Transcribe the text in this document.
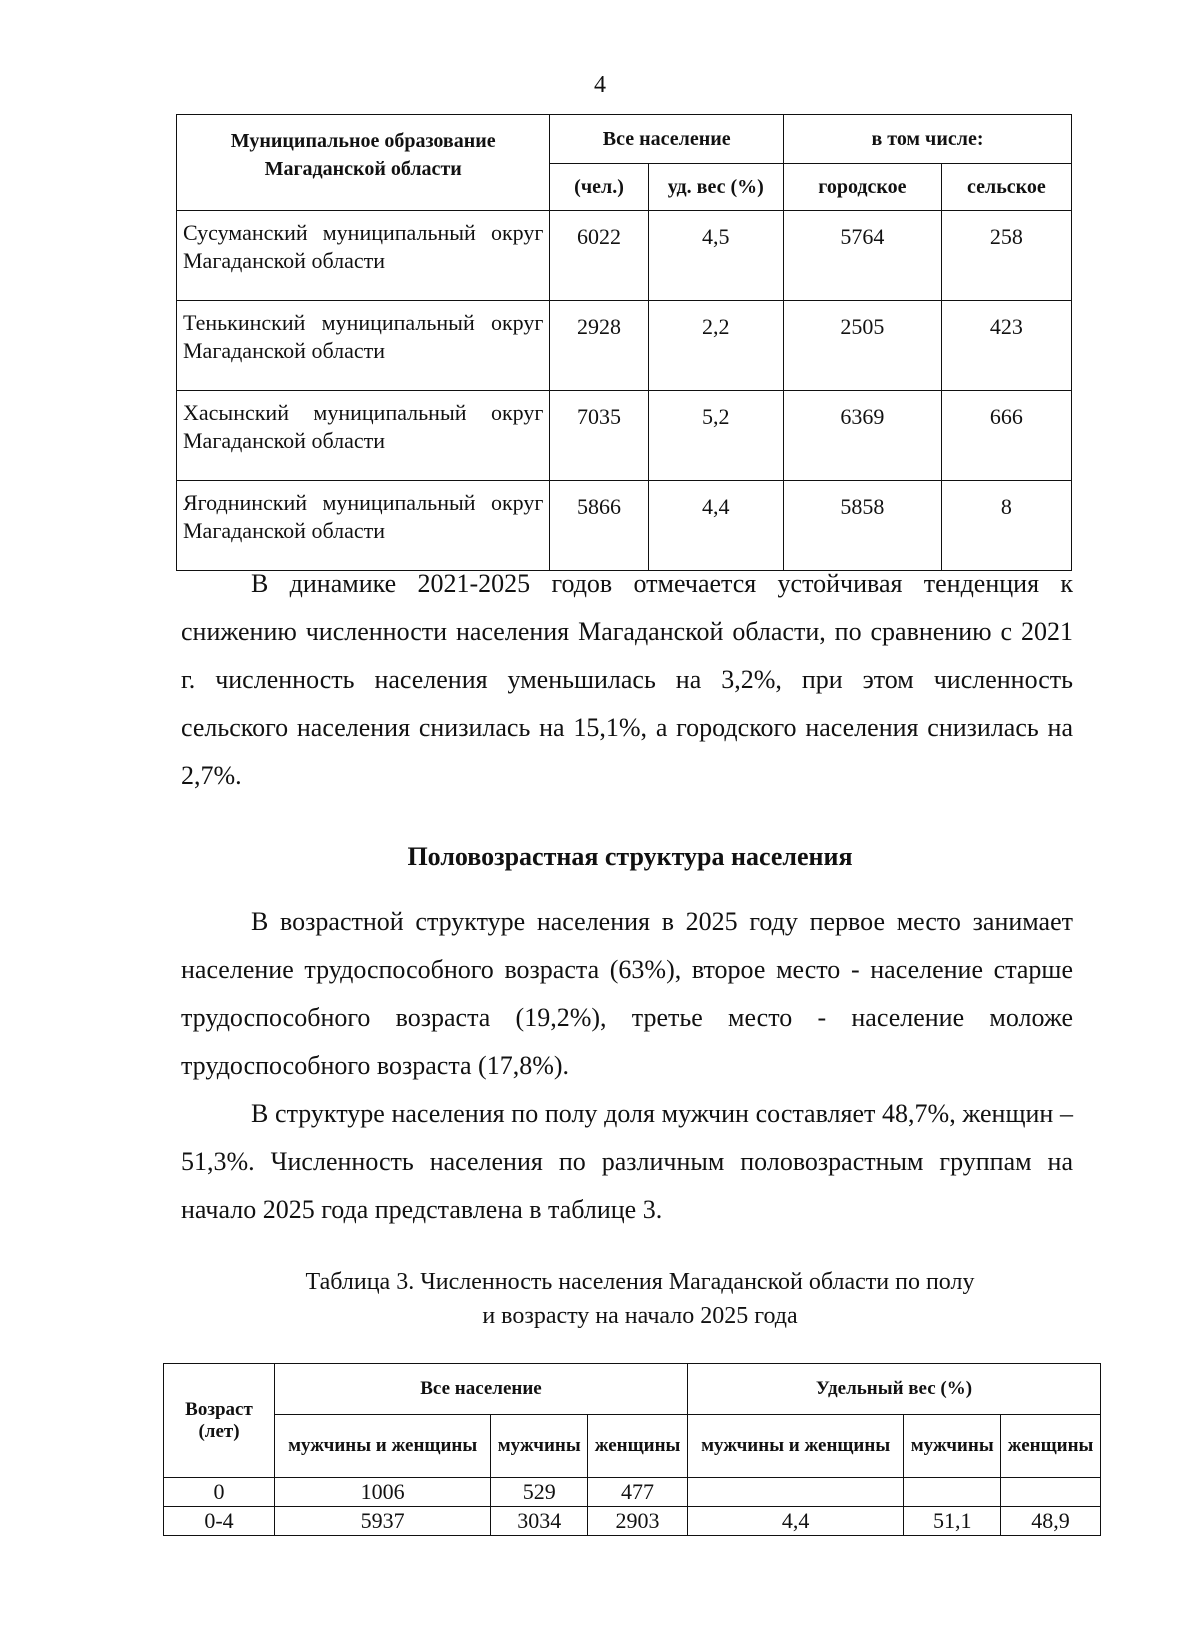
4
Муниципальное образование Магаданской области	Все население		в том числе:	
	(чел.)	уд. вес (%)	городское	сельское
Сусуманский муниципальный округ Магаданской области	6022	4,5	5764	258
Тенькинский муниципальный округ Магаданской области	2928	2,2	2505	423
Хасынский муниципальный округ Магаданской области	7035	5,2	6369	666
Ягоднинский муниципальный округ Магаданской области	5866	4,4	5858	8

В динамике 2021-2025 годов отмечается устойчивая тенденция к снижению численности населения Магаданской области, по сравнению с 2021 г. численность населения уменьшилась на 3,2%, при этом численность сельского населения снизилась на 15,1%, а городского населения снизилась на 2,7%.

Половозрастная структура населения

В возрастной структуре населения в 2025 году первое место занимает население трудоспособного возраста (63%), второе место - население старше трудоспособного возраста (19,2%), третье место - население моложе трудоспособного возраста (17,8%).

В структуре населения по полу доля мужчин составляет 48,7%, женщин – 51,3%. Численность населения по различным половозрастным группам на начало 2025 года представлена в таблице 3.

Таблица 3. Численность населения Магаданской области по полу
и возрасту на начало 2025 года
Возраст (лет)	Все население			Удельный вес (%)		
	мужчины и женщины	мужчины	женщины	мужчины и женщины	мужчины	женщины
0	1006	529	477			
0-4	5937	3034	2903	4,4	51,1	48,9
